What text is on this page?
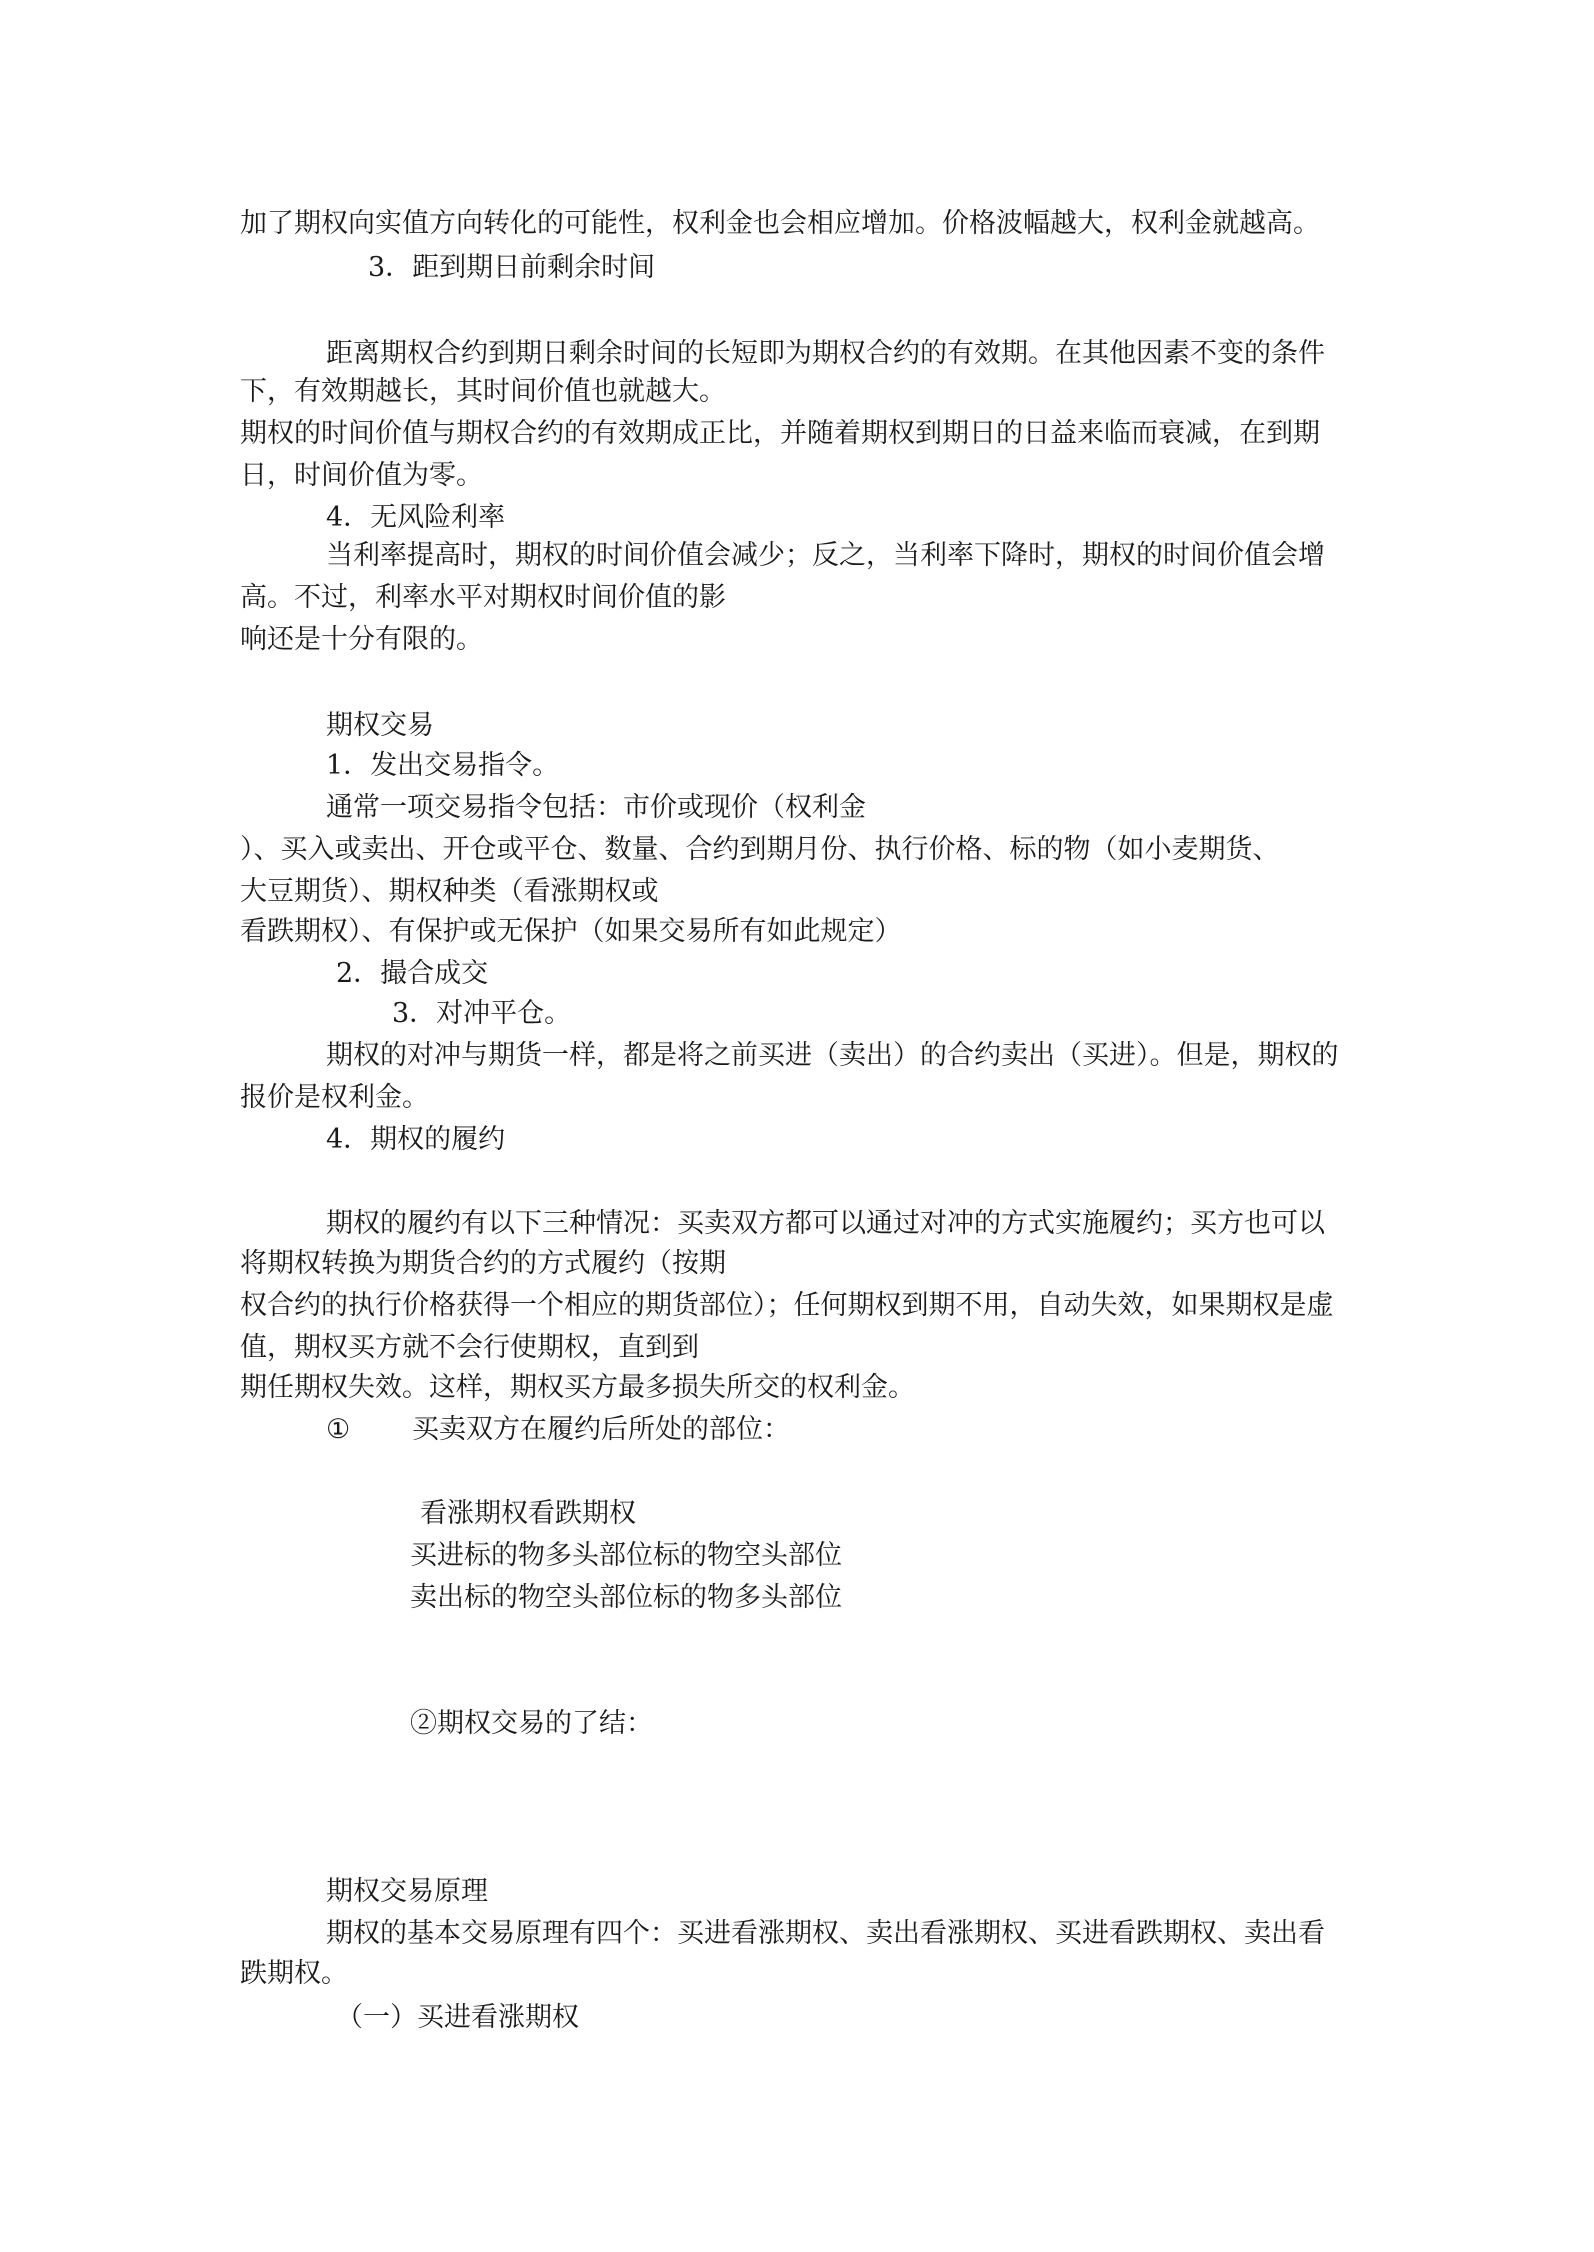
加了期权向实值方向转化的可能性，权利金也会相应增加。价格波幅越大，权利金就越高。

3．距到期日前剩余时间

距离期权合约到期日剩余时间的长短即为期权合约的有效期。在其他因素不变的条件

下，有效期越长，其时间价值也就越大。

期权的时间价值与期权合约的有效期成正比，并随着期权到期日的日益来临而衰减，在到期

日，时间价值为零。

4．无风险利率

当利率提高时，期权的时间价值会减少；反之，当利率下降时，期权的时间价值会增

高。不过，利率水平对期权时间价值的影

响还是十分有限的。

期权交易

1．发出交易指令。

通常一项交易指令包括：市价或现价（权利金

）、买入或卖出、开仓或平仓、数量、合约到期月份、执行价格、标的物（如小麦期货、

大豆期货）、期权种类（看涨期权或

看跌期权）、有保护或无保护（如果交易所有如此规定）

2．撮合成交

3．对冲平仓。

期权的对冲与期货一样，都是将之前买进（卖出）的合约卖出（买进）。但是，期权的

报价是权利金。

4．期权的履约

期权的履约有以下三种情况：买卖双方都可以通过对冲的方式实施履约；买方也可以

将期权转换为期货合约的方式履约（按期

权合约的执行价格获得一个相应的期货部位）；任何期权到期不用，自动失效，如果期权是虚

值，期权买方就不会行使期权，直到到

期任期权失效。这样，期权买方最多损失所交的权利金。

① 买卖双方在履约后所处的部位：

看涨期权看跌期权

买进标的物多头部位标的物空头部位

卖出标的物空头部位标的物多头部位

②期权交易的了结：

期权交易原理

期权的基本交易原理有四个：买进看涨期权、卖出看涨期权、买进看跌期权、卖出看

跌期权。

（一）买进看涨期权
